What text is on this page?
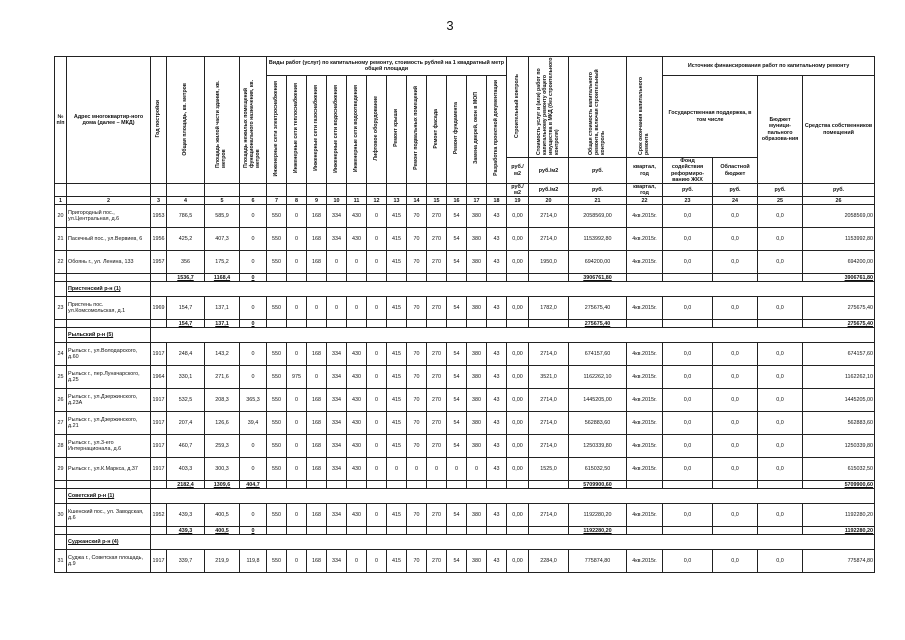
3
№ п/п	Адрес многоквартир-ного дома (далее – МКД)	Год постройки	Общая площадь, кв. метров	Площадь жилой части здания, кв. метров	Площадь нежилых помещений функционального назначения, кв. метров	Виды работ (услуг) по капитальному ремонту, стоимость рублей на 1 квадратный метр общей площади												Строительный контроль	Стоимость услуг и (или) работ по капитальному ремонту общего имущества в МКД (без строительного контроля)	Общая стоимость капитального ремонта, включая строительный контроль	Срок окончания капитального ремонта	Источник финансирования работ по капитальному ремонту			
						Инженерные сети электроснабжения	Инженерные сети теплоснабжения	Инженерные сети газоснабжения	Инженерные сети водоснабжения	Инженерные сети водоотведения	Лифтовое оборудование	Ремонт крыши	Ремонт подвальных помещений	Ремонт фасада	Ремонт фундамента	Замена дверей, окон в МОП	Разработка проектной документации					Государственная поддержка, в том числе		Бюджет муници-пального образова-ния	Средства собственников помещений
																		руб./м2	руб./м2	руб.	квартал, год	Фонд содействия реформиро-ванию ЖКХ	Областной бюджет		
																		руб./м2	руб./м2	руб.	квартал, год	руб.	руб.	руб.	руб.
1	2	3	4	5	6	7	8	9	10	11	12	13	14	15	16	17	18	19	20	21	22	23	24	25	26
20	Пригородный пос., ул.Центральная, д.6	1953	786,5	585,9	0	550	0	168	334	430	0	415	70	270	54	380	43	0,00	2714,0	2058569,00	4кв.2015г.	0,0	0,0	0,0	2058569,00
21	Пасечный пос., ул.Вервиев, 6	1956	425,2	407,3	0	550	0	168	334	430	0	415	70	270	54	380	43	0,00	2714,0	1153992,80	4кв.2015г.	0,0	0,0	0,0	1153992,80
22	Обоянь г., ул. Ленина, 133	1957	356	175,2	0	550	0	168	0	0	0	415	70	270	54	380	43	0,00	1950,0	694200,00	4кв.2015г.	0,0	0,0	0,0	694200,00
			1536,7	1168,4	0															3906761,80					3906761,80
	Пристенский р-н (1)																								
23	Пристень пос. ул.Комсомольская, д.1	1969	154,7	137,1	0	550	0	0	0	0	0	415	70	270	54	380	43	0,00	1782,0	275675,40	4кв.2015г.	0,0	0,0	0,0	275675,40
			154,7	137,1	0															275675,40					275675,40
	Рыльский р-н (5)																								
24	Рыльск г., ул.Володарского, д.60	1917	248,4	143,2	0	550	0	168	334	430	0	415	70	270	54	380	43	0,00	2714,0	674157,60	4кв.2015г.	0,0	0,0	0,0	674157,60
25	Рыльск г., пер.Луначарского, д.25	1964	330,1	271,6	0	550	975	0	334	430	0	415	70	270	54	380	43	0,00	3521,0	1162262,10	4кв.2015г.	0,0	0,0	0,0	1162262,10
26	Рыльск г., ул.Дзержинского, д.23А	1917	532,5	208,3	365,3	550	0	168	334	430	0	415	70	270	54	380	43	0,00	2714,0	1445205,00	4кв.2015г.	0,0	0,0	0,0	1445205,00
27	Рыльск г., ул.Дзержинского, д.21	1917	207,4	126,6	39,4	550	0	168	334	430	0	415	70	270	54	380	43	0,00	2714,0	562883,60	4кв.2015г.	0,0	0,0	0,0	562883,60
28	Рыльск г., ул.3-его Интернационала, д.6	1917	460,7	259,3	0	550	0	168	334	430	0	415	70	270	54	380	43	0,00	2714,0	1250339,80	4кв.2015г.	0,0	0,0	0,0	1250339,80
29	Рыльск г., ул.К.Маркса, д.37	1917	403,3	300,3	0	550	0	168	334	430	0	0	0	0	0	0	43	0,00	1525,0	615032,50	4кв.2015г.	0,0	0,0	0,0	615032,50
			2182,4	1309,6	404,7															5709900,60					5709900,60
	Советский р-н (1)																								
30	Кшенский пос., ул. Заводская, д.6	1952	439,3	400,5	0	550	0	168	334	430	0	415	70	270	54	380	43	0,00	2714,0	1192280,20	4кв.2015г.	0,0	0,0	0,0	1192280,20
			439,3	400,5	0															1192280,20					1192280,20
	Суджанский р-н (4)																								
31	Суджа г., Советская площадь, д.9	1917	339,7	219,9	119,8	550	0	168	334	0	0	415	70	270	54	380	43	0,00	2284,0	775874,80	4кв.2015г.	0,0	0,0	0,0	775874,80
